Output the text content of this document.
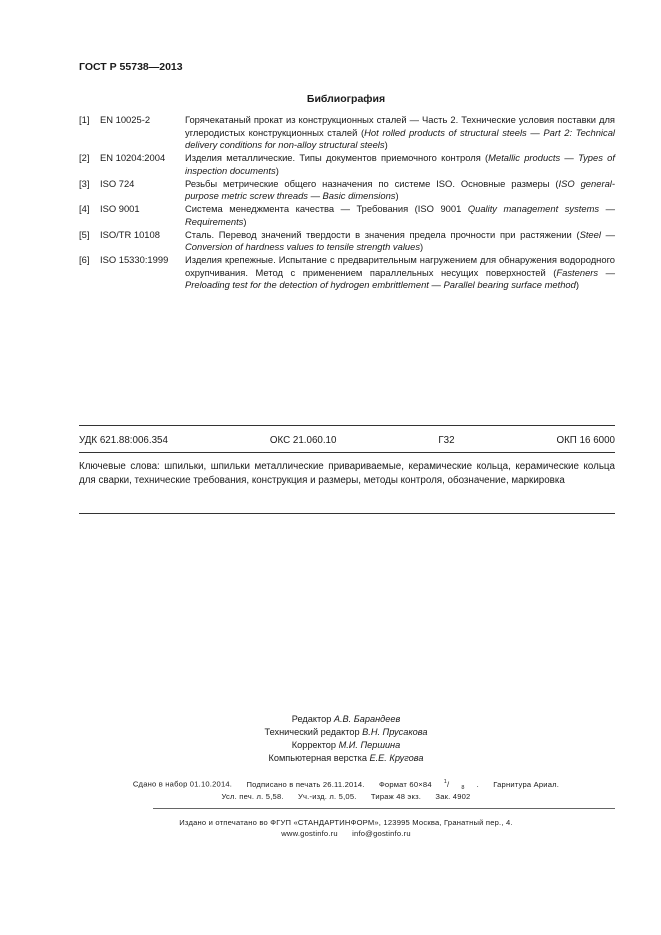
ГОСТ Р 55738—2013
Библиография
[1]	EN 10025-2	Горячекатаный прокат из конструкционных сталей — Часть 2. Технические условия поставки для углеродистых конструкционных сталей (Hot rolled products of structural steels — Part 2: Technical delivery conditions for non-alloy structural steels)
[2]	EN 10204:2004	Изделия металлические. Типы документов приемочного контроля (Metallic products — Types of inspection documents)
[3]	ISO 724	Резьбы метрические общего назначения по системе ISO. Основные размеры (ISO general-purpose metric screw threads — Basic dimensions)
[4]	ISO 9001	Система менеджмента качества — Требования (ISO 9001 Quality management systems — Requirements)
[5]	ISO/TR 10108	Сталь. Перевод значений твердости в значения предела прочности при растяжении (Steel — Conversion of hardness values to tensile strength values)
[6]	ISO 15330:1999	Изделия крепежные. Испытание с предварительным нагружением для обнаружения водородного охрупчивания. Метод с применением параллельных несущих поверхностей (Fasteners — Preloading test for the detection of hydrogen embrittlement — Parallel bearing surface method)
УДК 621.88:006.354	ОКС 21.060.10	Г32	ОКП 16 6000
Ключевые слова: шпильки, шпильки металлические привариваемые, керамические кольца, керамические кольца для сварки, технические требования, конструкция и размеры, методы контроля, обозначение, маркировка
Редактор А.В. Барандеев
Технический редактор В.Н. Прусакова
Корректор М.И. Першина
Компьютерная верстка Е.Е. Кругова
Сдано в набор 01.10.2014. Подписано в печать 26.11.2014. Формат 60×84 $^1$/ $_8$ . Гарнитура Ариал.
Усл. печ. л. 5,58. Уч.-изд. л. 5,05. Тираж 48 экз. Зак. 4902
Издано и отпечатано во ФГУП «СТАНДАРТИНФОРМ», 123995 Москва, Гранатный пер., 4.
www.gostinfo.ru info@gostinfo.ru
